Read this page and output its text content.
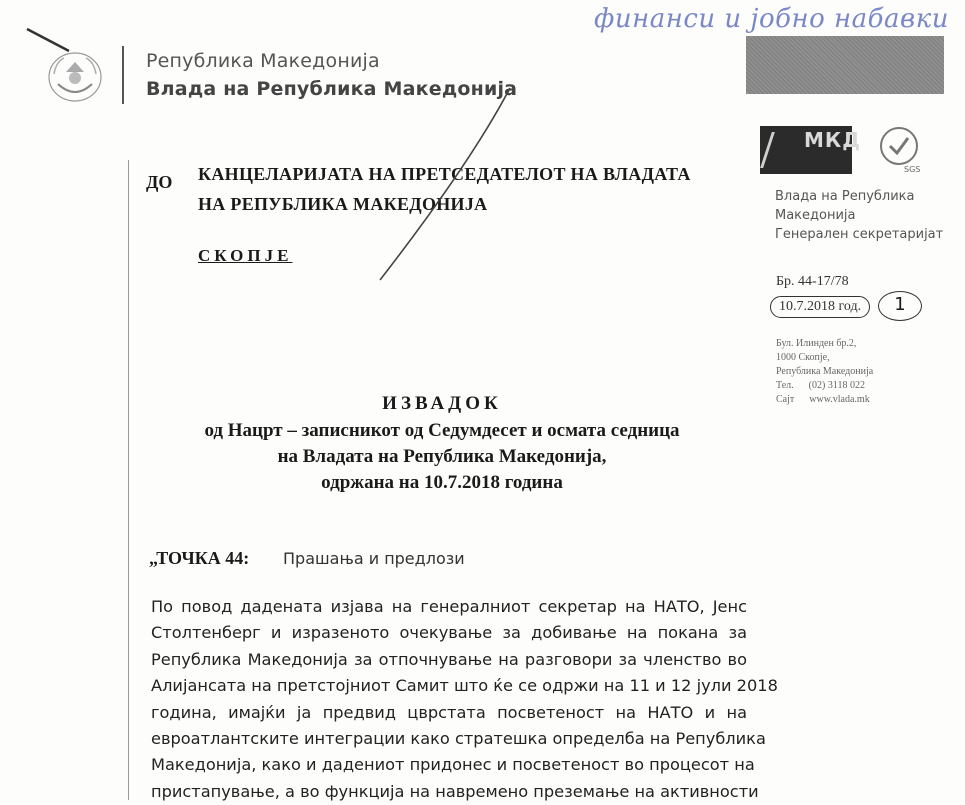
Република Македонија
Влада на Република Македонија
финанси и јобно набавки
МКД
SGS
Влада на Република
Македонија
Генерален секретаријат
Бр. 44-17/78
10.7.2018 год.	1
Бул. Илинден бр.2,
1000 Скопје,
Република Македонија
Тел.      (02) 3118 022
Сајт      www.vlada.mk
ДО КАНЦЕЛАРИЈАТА НА ПРЕТСЕДАТЕЛОТ НА ВЛАДАТА
НА РЕПУБЛИКА МАКЕДОНИЈА
СКОПЈЕ
ИЗВАДОК
од Нацрт – записникот од Седумдесет и осмата седница
на Владата на Република Македонија,
одржана на 10.7.2018 година
„ТОЧКА 44: Прашања и предлози
По повод дадената изјава на генералниот секретар на НАТО, Јенс
Столтенберг и изразеното очекување за добивање на покана за
Република Македонија за отпочнување на разговори за членство во
Алијансата на претстојниот Самит што ќе се одржи на 11 и 12 јули 2018
година, имајќи ја предвид цврстата посветеност на НАТО и на
евроатлантските интеграции како стратешка определба на Република
Македонија, како и дадениот придонес и посветеност во процесот на
пристапување, а во функција на навремено преземање на активности
